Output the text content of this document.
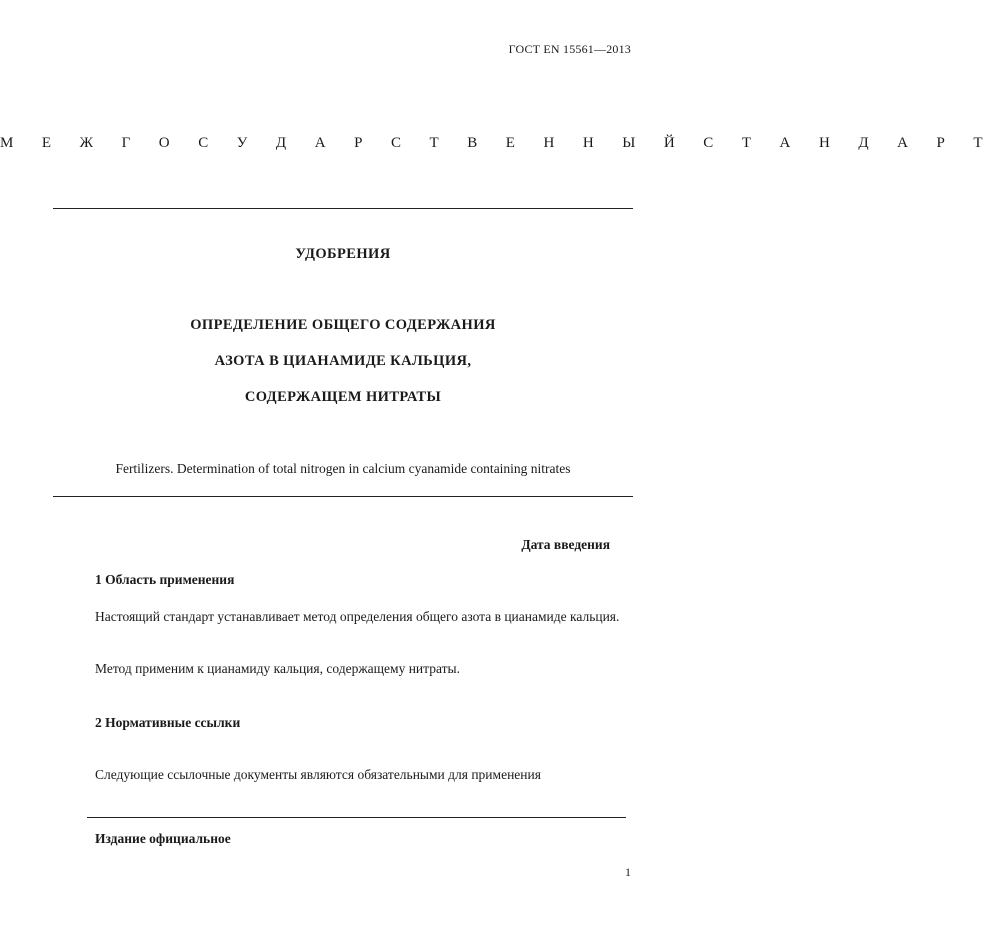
ГОСТ EN 15561—2013
М Е Ж Г О С У Д А Р С Т В Е Н Н Ы Й С Т А Н Д А Р Т
УДОБРЕНИЯ
ОПРЕДЕЛЕНИЕ ОБЩЕГО СОДЕРЖАНИЯ
АЗОТА В ЦИАНАМИДЕ КАЛЬЦИЯ,
СОДЕРЖАЩЕМ НИТРАТЫ
Fertilizers. Determination of total nitrogen in calcium cyanamide containing nitrates
Дата введения
1 Область применения

Настоящий стандарт устанавливает метод определения общего азота в цианамиде кальция.

Метод применим к цианамиду кальция, содержащему нитраты.
2 Нормативные ссылки
Следующие ссылочные документы являются обязательными для применения
Издание официальное
1
